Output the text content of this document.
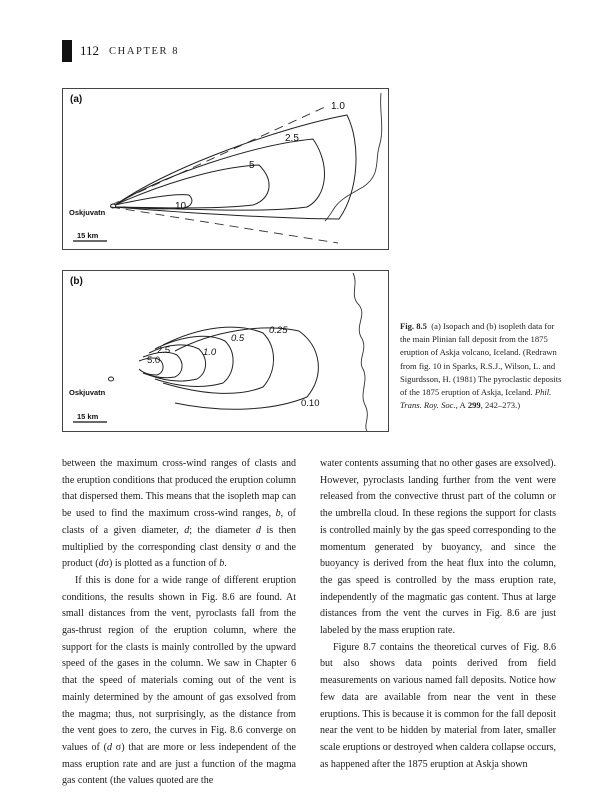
112 CHAPTER 8
1.0
2.5
5
10
(a)
Oskjuvatn
15 km
0.25
0.5
1.0
2.5
5.0
0.10
(b)
Oskjuvatn
15 km
Fig. 8.5 (a) Isopach and (b) isopleth data for the main Plinian fall deposit from the 1875 eruption of Askja volcano, Iceland. (Redrawn from fig. 10 in Sparks, R.S.J., Wilson, L. and Sigurdsson, H. (1981) The pyroclastic deposits of the 1875 eruption of Askja, Iceland. Phil. Trans. Roy. Soc., A 299, 242–273.)

between the maximum cross-wind ranges of clasts and the eruption conditions that produced the eruption column that dispersed them. This means that the isopleth map can be used to find the maximum cross-wind ranges, b, of clasts of a given diameter, d; the diameter d is then multiplied by the corresponding clast density σ and the product (dσ) is plotted as a function of b.

If this is done for a wide range of different eruption conditions, the results shown in Fig. 8.6 are found. At small distances from the vent, pyroclasts fall from the gas-thrust region of the eruption column, where the support for the clasts is mainly controlled by the upward speed of the gases in the column. We saw in Chapter 6 that the speed of materials coming out of the vent is mainly determined by the amount of gas exsolved from the magma; thus, not surprisingly, as the distance from the vent goes to zero, the curves in Fig. 8.6 converge on values of (d σ) that are more or less independent of the mass eruption rate and are just a function of the magma gas content (the values quoted are the

water contents assuming that no other gases are exsolved). However, pyroclasts landing further from the vent were released from the convective thrust part of the column or the umbrella cloud. In these regions the support for clasts is controlled mainly by the gas speed corresponding to the momentum generated by buoyancy, and since the buoyancy is derived from the heat flux into the column, the gas speed is controlled by the mass eruption rate, independently of the magmatic gas content. Thus at large distances from the vent the curves in Fig. 8.6 are just labeled by the mass eruption rate.

Figure 8.7 contains the theoretical curves of Fig. 8.6 but also shows data points derived from field measurements on various named fall deposits. Notice how few data are available from near the vent in these eruptions. This is because it is common for the fall deposit near the vent to be hidden by material from later, smaller scale eruptions or destroyed when caldera collapse occurs, as happened after the 1875 eruption at Askja shown
